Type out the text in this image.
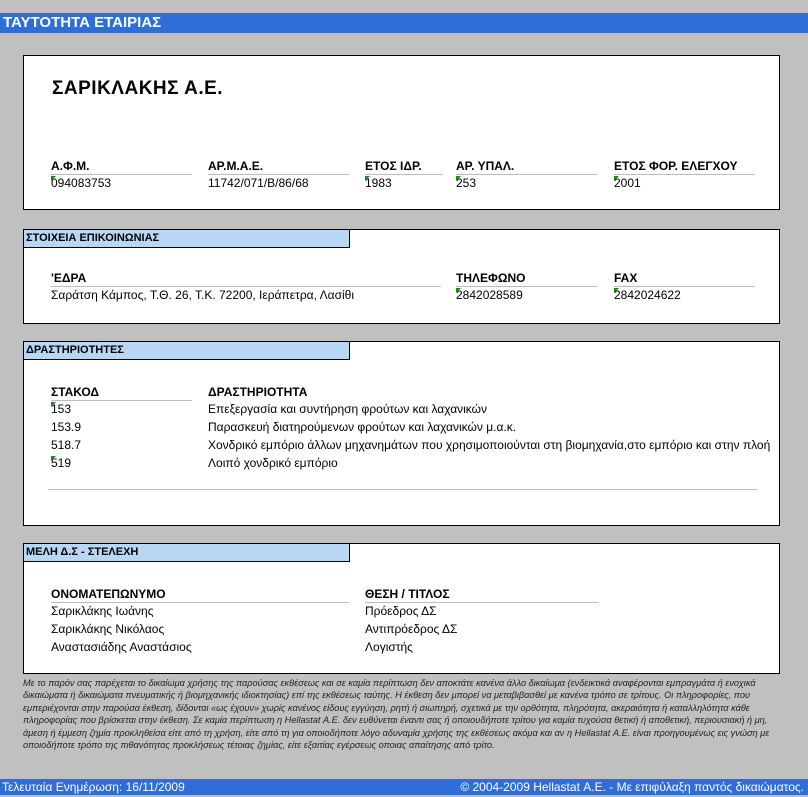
ΤΑΥΤΟΤΗΤΑ ΕΤΑΙΡΙΑΣ
ΣΑΡΙΚΛΑΚΗΣ Α.Ε.
Α.Φ.Μ.
094083753
ΑΡ.Μ.Α.Ε.
11742/071/Β/86/68
ΕΤΟΣ ΙΔΡ.
1983
ΑΡ. ΥΠΑΛ.
253
ΕΤΟΣ ΦΟΡ. ΕΛΕΓΧΟΥ
2001
ΣΤΟΙΧΕΙΑ ΕΠΙΚΟΙΝΩΝΙΑΣ
'ΕΔΡΑ
Σαράτση Κάμπος, Τ.Θ. 26, Τ.Κ. 72200, Ιεράπετρα, Λασίθι
ΤΗΛΕΦΩΝΟ
2842028589
FAX
2842024622
ΔΡΑΣΤΗΡΙΟΤΗΤΕΣ
ΣΤΑΚΟΔ	ΔΡΑΣΤΗΡΙΟΤΗΤΑ
153	Επεξεργασία και συντήρηση φρούτων και λαχανικών
153.9	Παρασκευή διατηρούμενων φρούτων και λαχανικών μ.α.κ.
518.7	Χονδρικό εμπόριο άλλων μηχανημάτων που χρησιμοποιούνται στη βιομηχανία,στο εμπόριο και στην πλοή
519	Λοιπό χονδρικό εμπόριο
ΜΕΛΗ Δ.Σ - ΣΤΕΛΕΧΗ
ΟΝΟΜΑΤΕΠΩΝΥΜΟ	ΘΕΣΗ / ΤΙΤΛΟΣ
Σαρικλάκης Ιωάνης	Πρόεδρος ΔΣ
Σαρικλάκης Νικόλαος	Αντιπρόεδρος ΔΣ
Αναστασιάδης Αναστάσιος	Λογιστής
Με το παρόν σας παρέχεται το δικαίωμα χρήσης της παρούσας εκθέσεως και σε καμία περίπτωση δεν αποκτάτε κανένα άλλο δικαίωμα (ενδεικτικά αναφέρονται εμπραγμάτα ή ενοχικά δικαιώματα ή δικαιώματα πνευματικής ή βιομηχανικής ιδιοκτησίας) επί της εκθέσεως ταύτης. Η έκθεση δεν μπορεί να μεταβιβασθεί με κανένα τρόπο σε τρίτους. Οι πληροφορίες, που εμπεριέχονται στην παρούσα έκθεση, δίδονται «ως έχουν» χωρίς κανένος είδους εγγύηση, ρητή ή σιωπηρή, σχετικά με την ορθότητα, πληρότητα, ακεραιότητα ή καταλληλότητα κάθε πληροφορίας που βρίσκεται στην έκθεση. Σε καμία περίπτωση η Hellastat Α.Ε. δεν ευθύνεται έναντι σας ή οποιουδήποτε τρίτου για καμία τυχούσα θετική ή αποθετική, περιουσιακή ή μη, άμεση ή έμμεση ζημία προκληθείσα είτε από τη χρήση, είτε από τη για οποιοδήποτε λόγο αδυναμία χρήσης της εκθέσεως ακόμα και αν η Hellastat Α.Ε. είναι προηγουμένως εις γνώση με οποιοδήποτε τρόπο της πιθανότητας προκλήσεως τέτοιας ζημίας, είτε εξαιτίας εγέρσεως οποιας απαίτησης από τρίτο.
Τελευταία Ενημέρωση: 16/11/2009	© 2004-2009 Hellastat Α.Ε. - Με επιφύλαξη παντός δικαιώματος.
